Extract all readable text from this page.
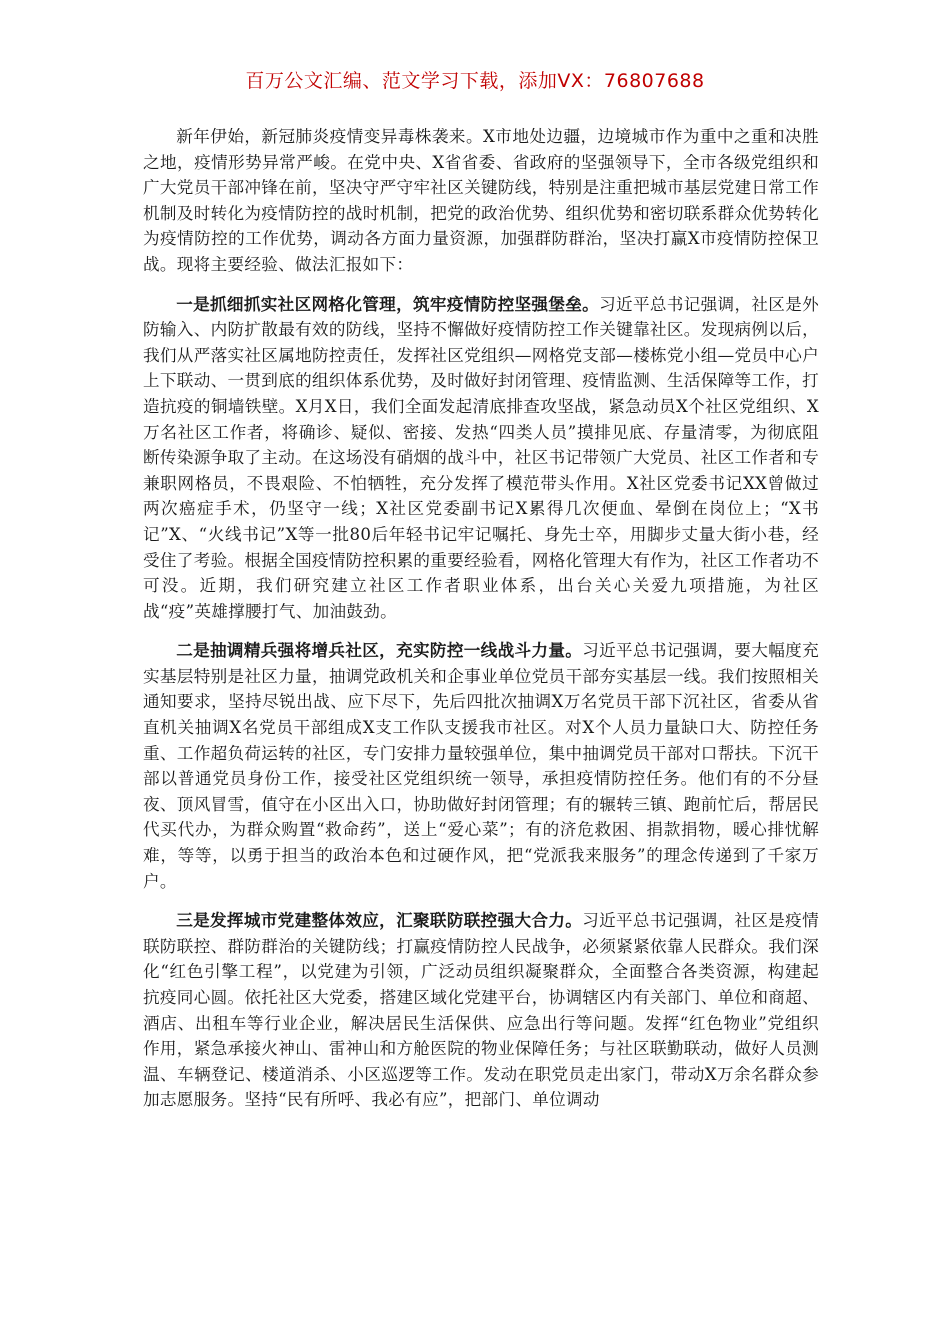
百万公文汇编、范文学习下载，添加VX：76807688

新年伊始，新冠肺炎疫情变异毒株袭来。X市地处边疆，边境城市作为重中之重和决胜之地，疫情形势异常严峻。在党中央、X省省委、省政府的坚强领导下，全市各级党组织和广大党员干部冲锋在前，坚决守严守牢社区关键防线，特别是注重把城市基层党建日常工作机制及时转化为疫情防控的战时机制，把党的政治优势、组织优势和密切联系群众优势转化为疫情防控的工作优势，调动各方面力量资源，加强群防群治，坚决打赢X市疫情防控保卫战。现将主要经验、做法汇报如下：

一是抓细抓实社区网格化管理，筑牢疫情防控坚强堡垒。习近平总书记强调，社区是外防输入、内防扩散最有效的防线，坚持不懈做好疫情防控工作关键靠社区。发现病例以后，我们从严落实社区属地防控责任，发挥社区党组织—网格党支部—楼栋党小组—党员中心户上下联动、一贯到底的组织体系优势，及时做好封闭管理、疫情监测、生活保障等工作，打造抗疫的铜墙铁壁。X月X日，我们全面发起清底排查攻坚战，紧急动员X个社区党组织、X万名社区工作者，将确诊、疑似、密接、发热“四类人员”摸排见底、存量清零，为彻底阻断传染源争取了主动。在这场没有硝烟的战斗中，社区书记带领广大党员、社区工作者和专兼职网格员，不畏艰险、不怕牺牲，充分发挥了模范带头作用。X社区党委书记XX曾做过两次癌症手术，仍坚守一线；X社区党委副书记X累得几次便血、晕倒在岗位上；“X书记”X、“火线书记”X等一批80后年轻书记牢记嘱托、身先士卒，用脚步丈量大街小巷，经受住了考验。根据全国疫情防控积累的重要经验看，网格化管理大有作为，社区工作者功不可没。近期，我们研究建立社区工作者职业体系，出台关心关爱九项措施，为社区战“疫”英雄撑腰打气、加油鼓劲。

二是抽调精兵强将增兵社区，充实防控一线战斗力量。习近平总书记强调，要大幅度充实基层特别是社区力量，抽调党政机关和企事业单位党员干部夯实基层一线。我们按照相关通知要求，坚持尽锐出战、应下尽下，先后四批次抽调X万名党员干部下沉社区，省委从省直机关抽调X名党员干部组成X支工作队支援我市社区。对X个人员力量缺口大、防控任务重、工作超负荷运转的社区，专门安排力量较强单位，集中抽调党员干部对口帮扶。下沉干部以普通党员身份工作，接受社区党组织统一领导，承担疫情防控任务。他们有的不分昼夜、顶风冒雪，值守在小区出入口，协助做好封闭管理；有的辗转三镇、跑前忙后，帮居民代买代办，为群众购置“救命药”，送上“爱心菜”；有的济危救困、捐款捐物，暖心排忧解难，等等，以勇于担当的政治本色和过硬作风，把“党派我来服务”的理念传递到了千家万户。

三是发挥城市党建整体效应，汇聚联防联控强大合力。习近平总书记强调，社区是疫情联防联控、群防群治的关键防线；打赢疫情防控人民战争，必须紧紧依靠人民群众。我们深化“红色引擎工程”，以党建为引领，广泛动员组织凝聚群众，全面整合各类资源，构建起抗疫同心圆。依托社区大党委，搭建区域化党建平台，协调辖区内有关部门、单位和商超、酒店、出租车等行业企业，解决居民生活保供、应急出行等问题。发挥“红色物业”党组织作用，紧急承接火神山、雷神山和方舱医院的物业保障任务；与社区联勤联动，做好人员测温、车辆登记、楼道消杀、小区巡逻等工作。发动在职党员走出家门，带动X万余名群众参加志愿服务。坚持“民有所呼、我必有应”，把部门、单位调动
